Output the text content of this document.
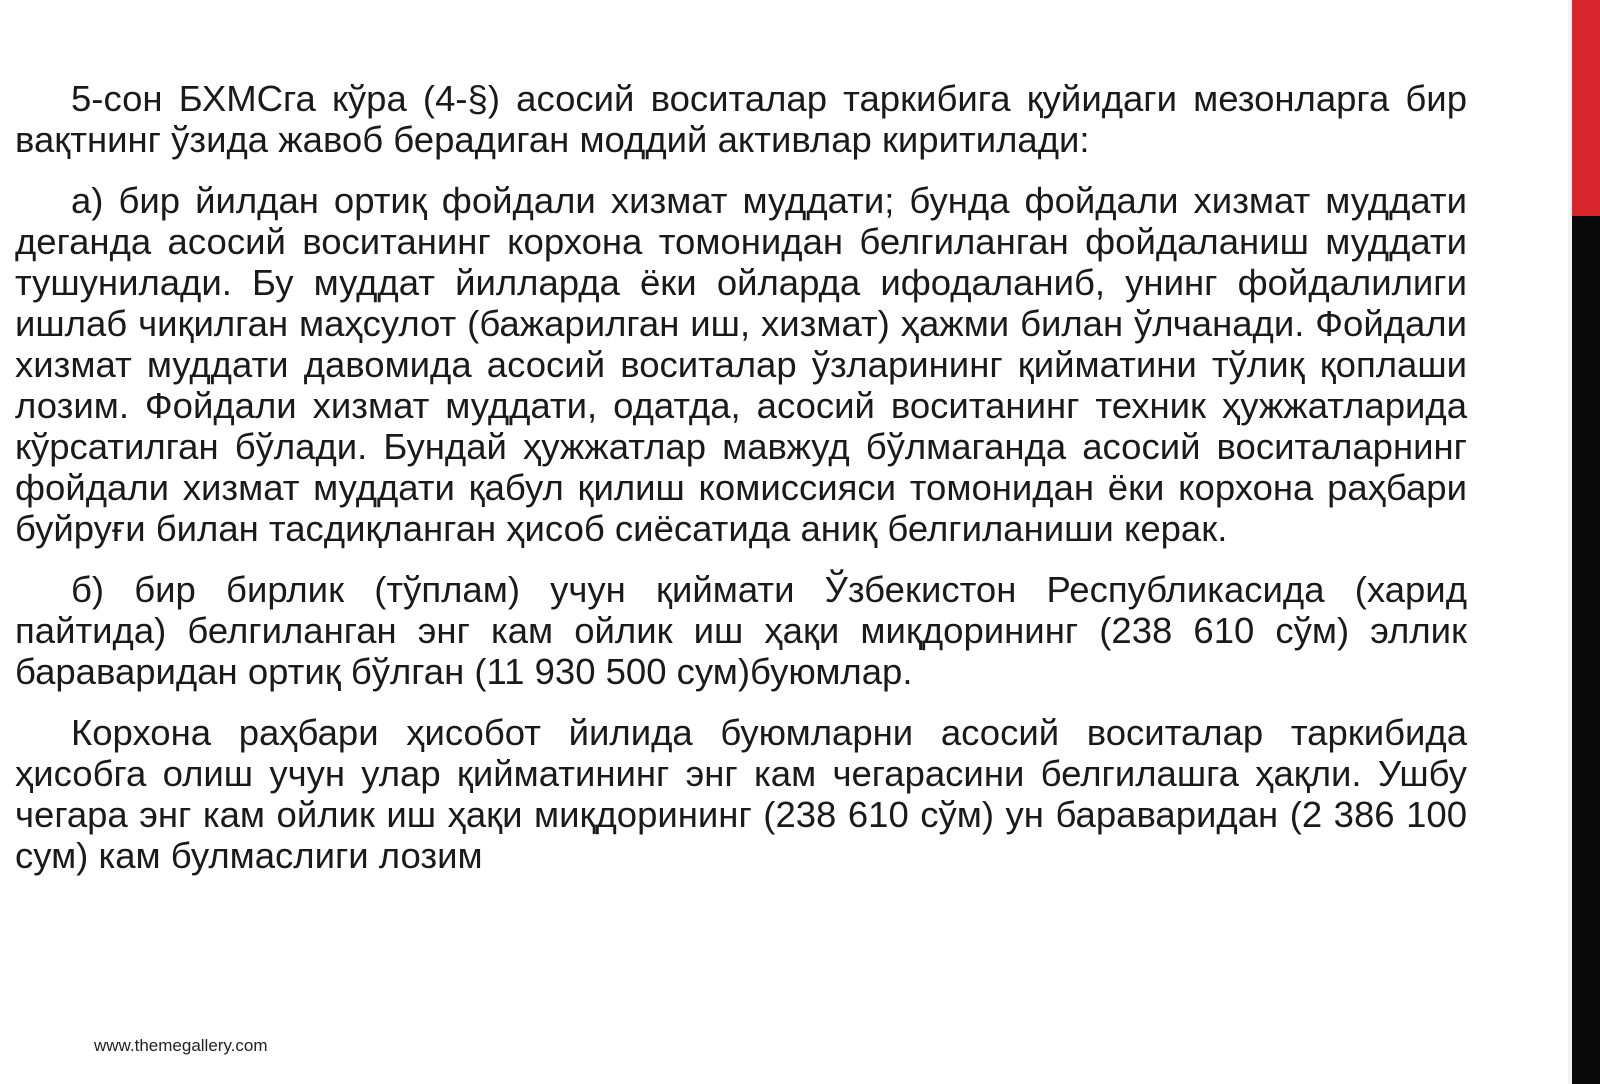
5-сон БХМСга кўра (4-§) асосий воситалар таркибига қуйидаги мезонларга бир вақтнинг ўзида жавоб берадиган моддий активлар киритилади:

а) бир йилдан ортиқ фойдали хизмат муддати; бунда фойдали хизмат муддати деганда асосий воситанинг корхона томонидан белгиланган фойдаланиш муддати тушунилади. Бу муддат йилларда ёки ойларда ифодаланиб, унинг фойдалилиги ишлаб чиқилган маҳсулот (бажарилган иш, хизмат) ҳажми билан ўлчанади. Фойдали хизмат муддати давомида асосий воситалар ўзларининг қийматини тўлиқ қоплаши лозим. Фойдали хизмат муддати, одатда, асосий воситанинг техник ҳужжатларида кўрсатилган бўлади. Бундай ҳужжатлар мавжуд бўлмаганда асосий воситаларнинг фойдали хизмат муддати қабул қилиш комиссияси томонидан ёки корхона раҳбари буйруғи билан тасдиқланган ҳисоб сиёсатида аниқ белгиланиши керак.

б) бир бирлик (тўплам) учун қиймати Ўзбекистон Республикасида (харид пайтида) белгиланган энг кам ойлик иш ҳақи миқдорининг (238 610 сўм) эллик бараваридан ортиқ бўлган (11 930 500 сум)буюмлар.

Корхона раҳбари ҳисобот йилида буюмларни асосий воситалар таркибида ҳисобга олиш учун улар қийматининг энг кам чегарасини белгилашга ҳақли. Ушбу чегара энг кам ойлик иш ҳақи миқдорининг (238 610 сўм) ун бараваридан (2 386 100 сум) кам булмаслиги лозим

www.themegallery.com
